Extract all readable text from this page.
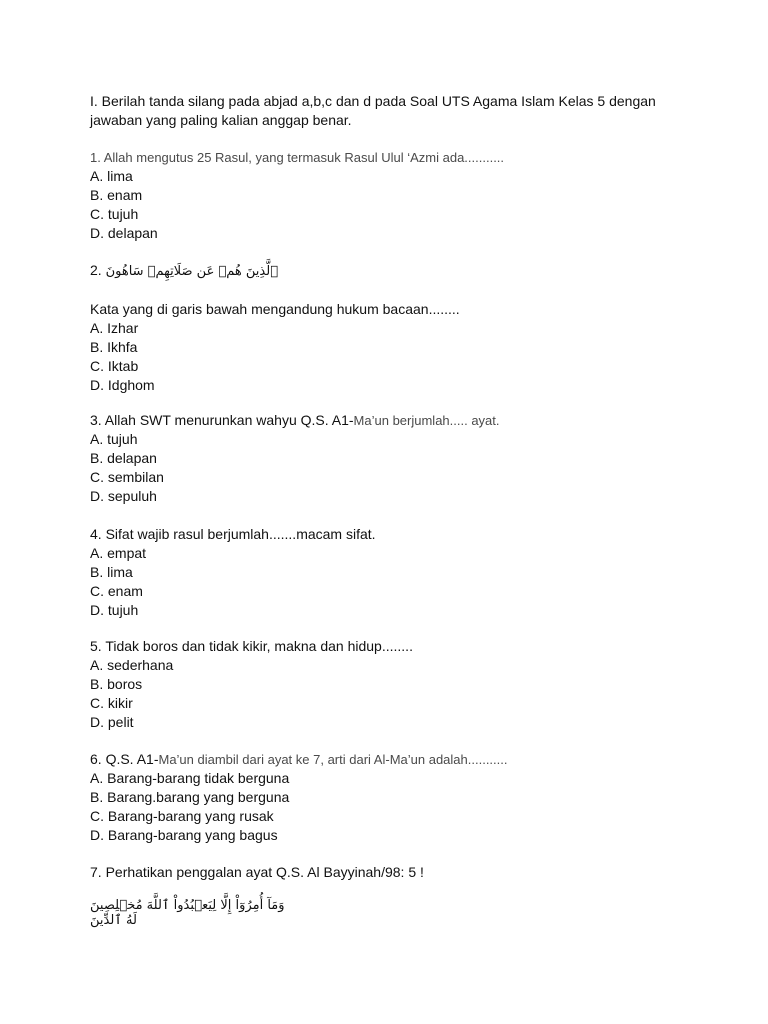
I. Berilah tanda silang pada abjad a,b,c dan d pada Soal UTS Agama Islam Kelas 5 dengan jawaban yang paling kalian anggap benar.
1. Allah mengutus 25 Rasul, yang termasuk Rasul Ulul ‘Azmi ada...........
A. lima
B. enam
C. tujuh
D. delapan
2. ٱلَّذِينَ هُمۡ عَن صَلَاتِهِمۡ سَاهُونَ
Kata yang di garis bawah mengandung hukum bacaan........
A. Izhar
B. Ikhfa
C. Iktab
D. Idghom
3. Allah SWT menurunkan wahyu Q.S. A1-Ma’un berjumlah..... ayat.
A. tujuh
B. delapan
C. sembilan
D. sepuluh
4. Sifat wajib rasul berjumlah.......macam sifat.
A. empat
B. lima
C. enam
D. tujuh
5. Tidak boros dan tidak kikir, makna dan hidup........
A. sederhana
B. boros
C. kikir
D. pelit
6. Q.S. A1-Ma’un diambil dari ayat ke 7, arti dari Al-Ma’un adalah...........
A. Barang-barang tidak berguna
B. Barang.barang yang berguna
C. Barang-barang yang rusak
D. Barang-barang yang bagus
7. Perhatikan penggalan ayat Q.S. Al Bayyinah/98: 5 !
وَمَآ أُمِرُوٓاْ إِلَّا لِيَعۡبُدُواْ ٱللَّهَ مُخۡلِصِينَ لَهُ ٱلدِّينَ
